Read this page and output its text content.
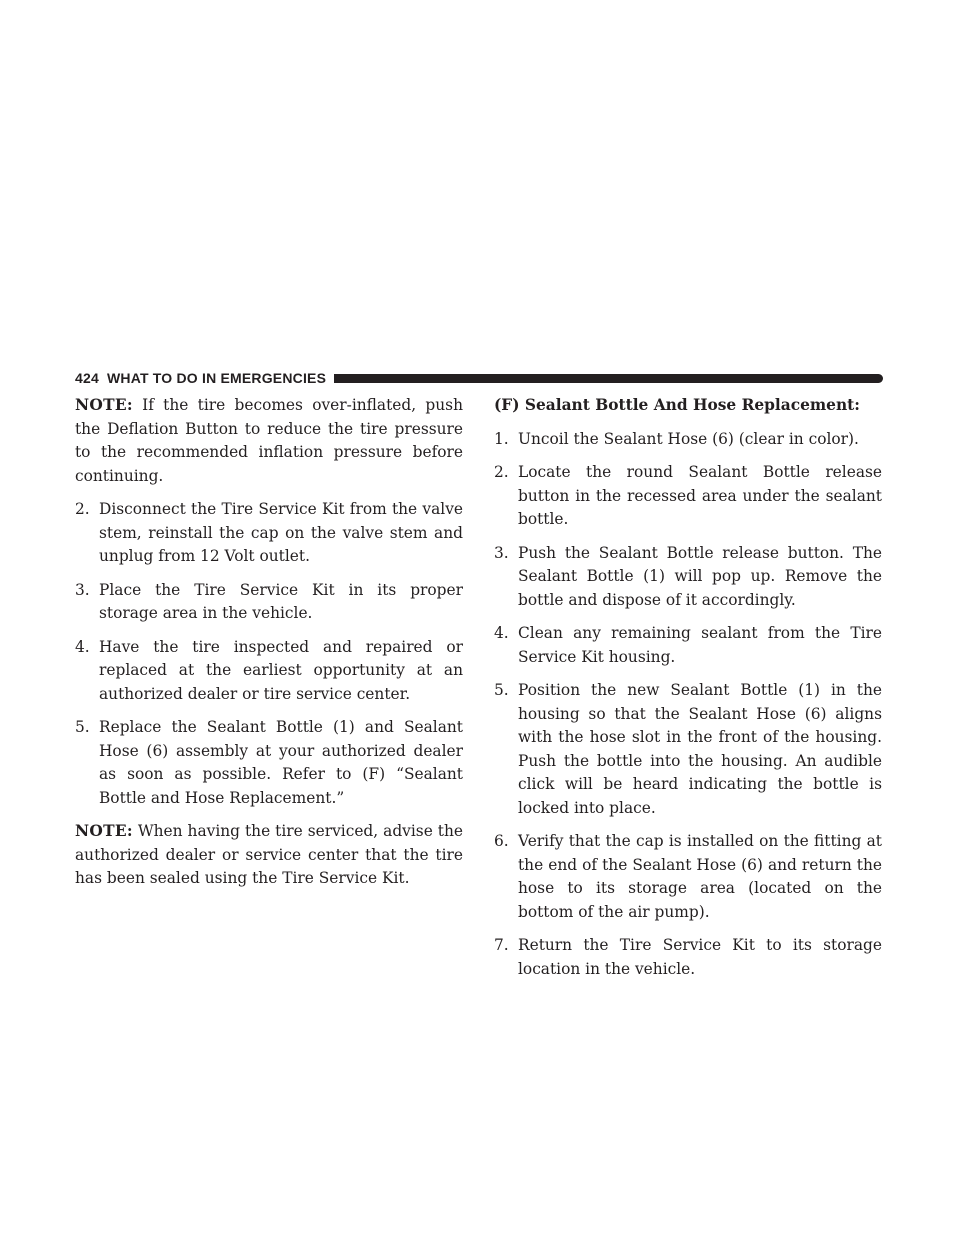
424 WHAT TO DO IN EMERGENCIES

NOTE: If the tire becomes over-inflated, push the Deflation Button to reduce the tire pressure to the recommended inflation pressure before continuing.

2. Disconnect the Tire Service Kit from the valve stem, reinstall the cap on the valve stem and unplug from 12 Volt outlet.
3. Place the Tire Service Kit in its proper storage area in the vehicle.
4. Have the tire inspected and repaired or replaced at the earliest opportunity at an authorized dealer or tire service center.
5. Replace the Sealant Bottle (1) and Sealant Hose (6) assembly at your authorized dealer as soon as possible. Refer to (F) “Sealant Bottle and Hose Replacement.”

NOTE: When having the tire serviced, advise the authorized dealer or service center that the tire has been sealed using the Tire Service Kit.

(F) Sealant Bottle And Hose Replacement:
1. Uncoil the Sealant Hose (6) (clear in color).
2. Locate the round Sealant Bottle release button in the recessed area under the sealant bottle.
3. Push the Sealant Bottle release button. The Sealant Bottle (1) will pop up. Remove the bottle and dispose of it accordingly.
4. Clean any remaining sealant from the Tire Service Kit housing.
5. Position the new Sealant Bottle (1) in the housing so that the Sealant Hose (6) aligns with the hose slot in the front of the housing. Push the bottle into the housing. An audible click will be heard indicating the bottle is locked into place.
6. Verify that the cap is installed on the fitting at the end of the Sealant Hose (6) and return the hose to its storage area (located on the bottom of the air pump).
7. Return the Tire Service Kit to its storage location in the vehicle.
